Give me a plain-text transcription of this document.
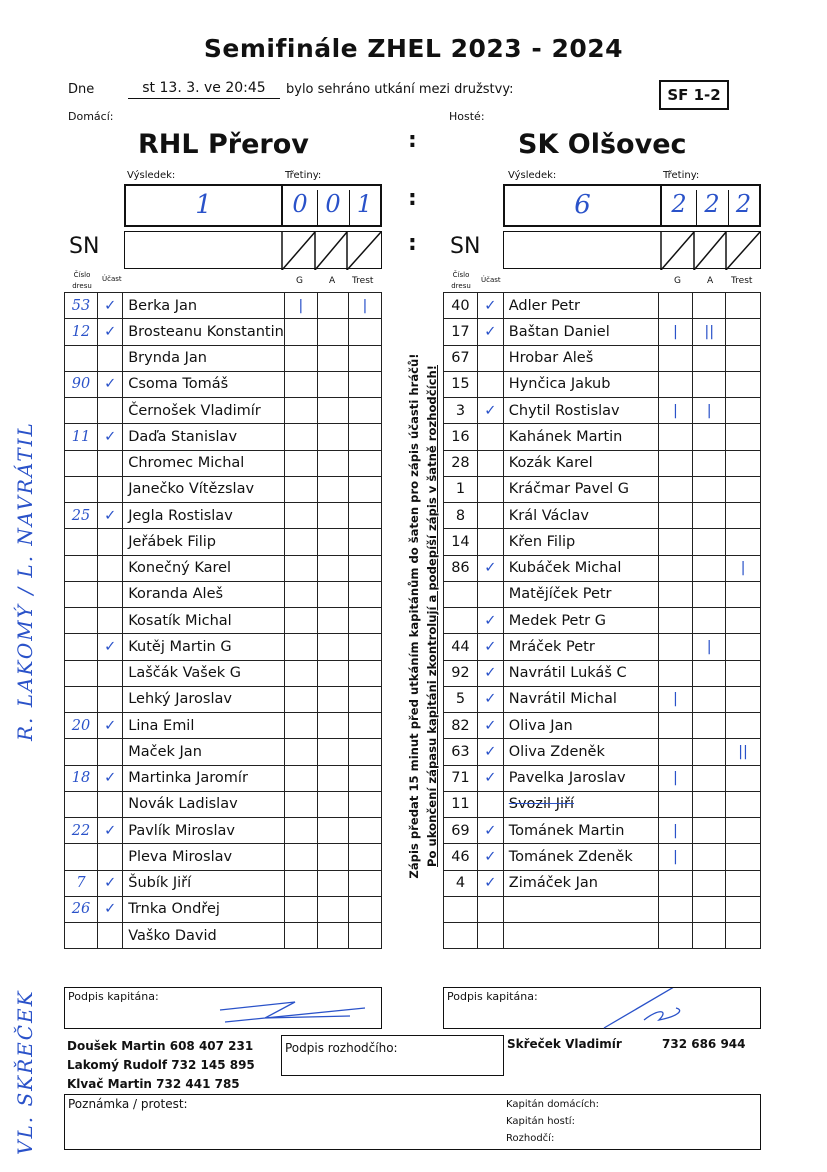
Semifinále ZHEL 2023 - 2024
Dne	st 13. 3. ve 20:45	bylo sehráno utkání mezi družstvy:	SF 1-2
Domácí:	Hosté:
RHL Přerov	:	SK Olšovec
Výsledek:	Třetiny:
1	0 0 1	:
Výsledek:	Třetiny:
6	2 2 2
SN	: SN
Číslo dresu
Účast	G	A Trest
Číslo dresu
Účast	G	A Trest
53	✓	Berka Jan	|		|
12	✓	Brosteanu Konstantin			
		Brynda Jan			
90	✓	Csoma Tomáš			
		Černošek Vladimír			
11	✓	Daďa Stanislav			
		Chromec Michal			
		Janečko Vítězslav			
25	✓	Jegla Rostislav			
		Jeřábek Filip			
		Konečný Karel			
		Koranda Aleš			
		Kosatík Michal			
	✓	Kutěj Martin G			
		Laščák Vašek G			
		Lehký Jaroslav			
20	✓	Lina Emil			
		Maček Jan			
18	✓	Martinka Jaromír			
		Novák Ladislav			
22	✓	Pavlík Miroslav			
		Pleva Miroslav			
7	✓	Šubík Jiří			
26	✓	Trnka Ondřej			
		Vaško David			
40	✓	Adler Petr			
17	✓	Baštan Daniel	|	||	
67		Hrobar Aleš			
15		Hynčica Jakub			
3	✓	Chytil Rostislav	|	|	
16		Kahánek Martin			
28		Kozák Karel			
1		Kráčmar Pavel G			
8		Král Václav			
14		Křen Filip			
86	✓	Kubáček Michal			|
		Matějíček Petr			
	✓	Medek Petr G			
44	✓	Mráček Petr		|	
92	✓	Navrátil Lukáš C			
5	✓	Navrátil Michal	|		
82	✓	Oliva Jan			
63	✓	Oliva Zdeněk			||
71	✓	Pavelka Jaroslav	|		
11		Svozil Jiří			
69	✓	Tománek Martin	|		
46	✓	Tománek Zdeněk	|		
4	✓	Zimáček Jan			

Zápis předat 15 minut před utkáním kapitánům do šaten pro zápis účasti hráčů! Po ukončení zápasu kapitáni zkontrolují a podepíší zápis v šatně rozhodčích!
R. LAKOMÝ / L. NAVRÁTIL
VL. SKŘEČEK	Podpis kapitána:	Podpis kapitána:
Doušek Martin 608 407 231
Lakomý Rudolf 732 145 895
Klvač Martin 732 441 785
Podpis rozhodčího:	Skřeček Vladimír	732 686 944
Poznámka / protest:	Kapitán domácích:
Kapitán hostí:
Rozhodčí:
